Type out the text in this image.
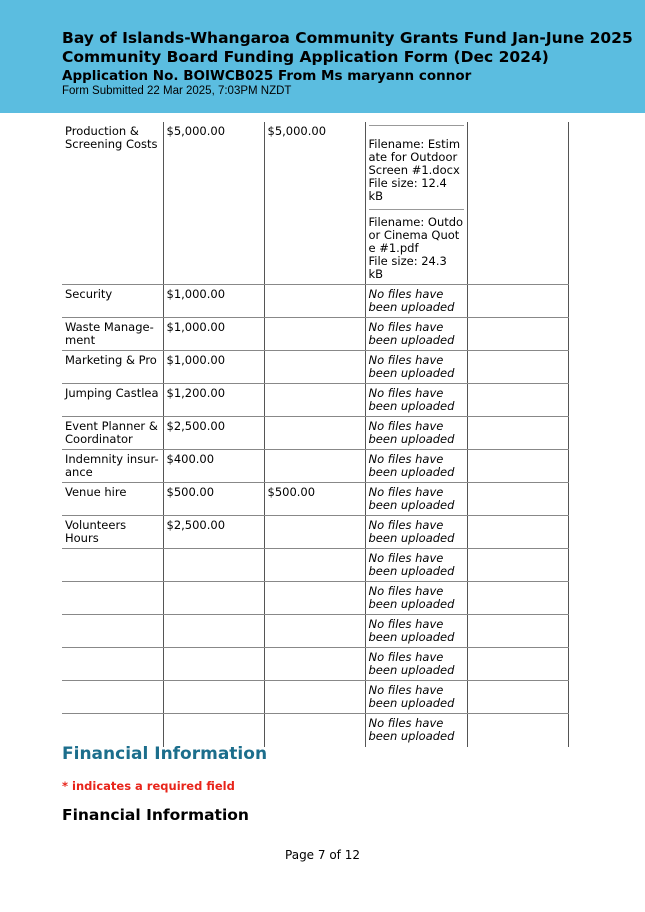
Bay of Islands-Whangaroa Community Grants Fund Jan-June 2025
Community Board Funding Application Form (Dec 2024)
Application No. BOIWCB025 From Ms maryann connor
Form Submitted 22 Mar 2025, 7:03PM NZDT
Production & Screening Costs	$5,000.00	$5,000.00	Filename: Estimate for Outdoor Screen #1.docx
File size: 12.4 kB
Filename: Outdoor Cinema Quote #1.pdf
File size: 24.3 kB	

Security	$1,000.00		No files have been uploaded	
Waste Manage-
ment	$1,000.00		No files have been uploaded	
Marketing & Pro	$1,000.00		No files have been uploaded	
Jumping Castlea	$1,200.00		No files have been uploaded	
Event Planner & Coordinator	$2,500.00		No files have been uploaded	
Indemnity insur-
ance	$400.00		No files have been uploaded	
Venue hire	$500.00	$500.00	No files have been uploaded	
Volunteers Hours	$2,500.00		No files have been uploaded	
			No files have been uploaded	
			No files have been uploaded	
			No files have been uploaded	
			No files have been uploaded	
			No files have been uploaded	
			No files have been uploaded	
Financial Information
* indicates a required field
Financial Information
Page 7 of 12
